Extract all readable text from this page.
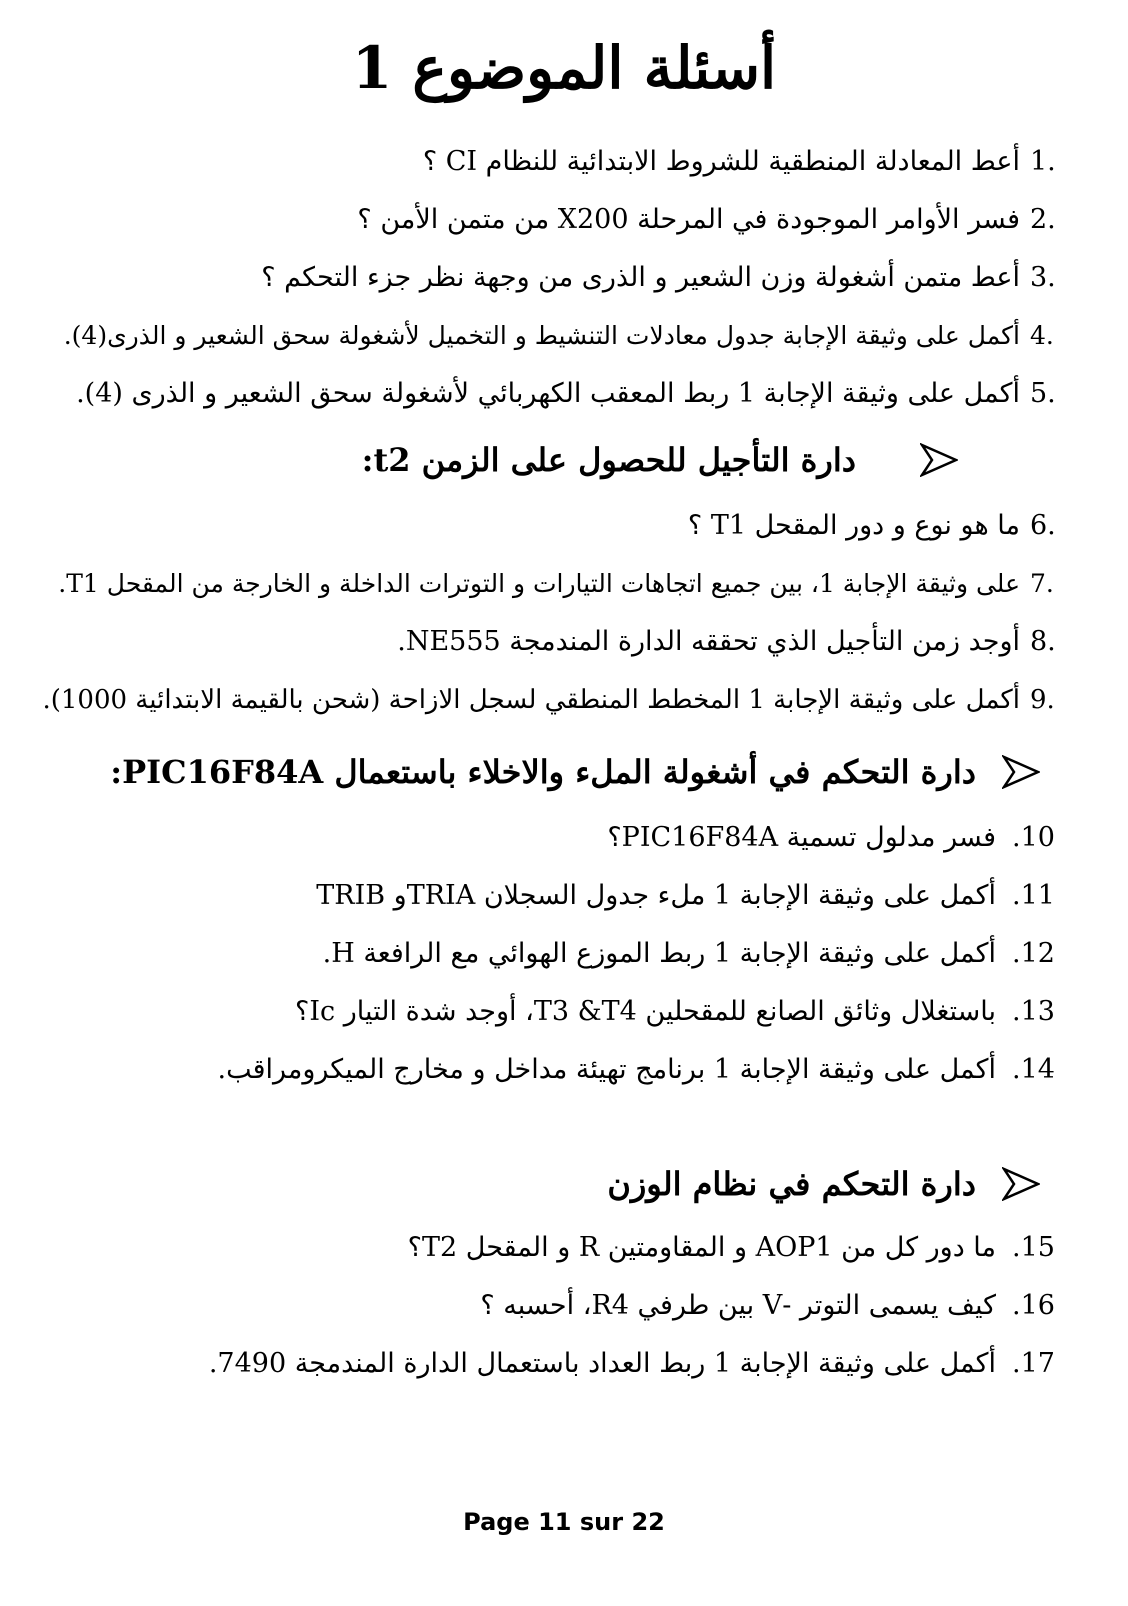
أسئلة الموضوع 1
1.
أعط المعادلة المنطقية للشروط الابتدائية للنظام CI ؟
2.
فسر الأوامر الموجودة في المرحلة X200 من متمن الأمن ؟
3.
أعط متمن أشغولة وزن الشعير و الذرى من وجهة نظر جزء التحكم ؟
4.
أكمل على وثيقة الإجابة جدول معادلات التنشيط و التخميل لأشغولة سحق الشعير و الذرى(4).
5.
أكمل على وثيقة الإجابة 1 ربط المعقب الكهربائي لأشغولة سحق الشعير و الذرى (4).
دارة التأجيل للحصول على الزمن t2:
6.
ما هو نوع و دور المقحل T1 ؟
7.
على وثيقة الإجابة 1، بين جميع اتجاهات التيارات و التوترات الداخلة و الخارجة من المقحل T1.
8.
أوجد زمن التأجيل الذي تحققه الدارة المندمجة NE555.
9.
أكمل على وثيقة الإجابة 1 المخطط المنطقي لسجل الازاحة (شحن بالقيمة الابتدائية 1000).
دارة التحكم في أشغولة الملء والاخلاء باستعمال PIC16F84A:
.10
فسر مدلول تسمية PIC16F84A؟
.11
أكمل على وثيقة الإجابة 1 ملء جدول السجلان TRIAو TRIB
.12
أكمل على وثيقة الإجابة 1 ربط الموزع الهوائي مع الرافعة H.
.13
باستغلال وثائق الصانع للمقحلين T3 &T4، أوجد شدة التيار Ic؟
.14
أكمل على وثيقة الإجابة 1 برنامج تهيئة مداخل و مخارج الميكرومراقب.
دارة التحكم في نظام الوزن
.15
ما دور كل من AOP1 و المقاومتين R و المقحل T2؟
.16
كيف يسمى التوتر -V بين طرفي R4، أحسبه ؟
.17
أكمل على وثيقة الإجابة 1 ربط العداد باستعمال الدارة المندمجة 7490.
Page 11 sur 22
